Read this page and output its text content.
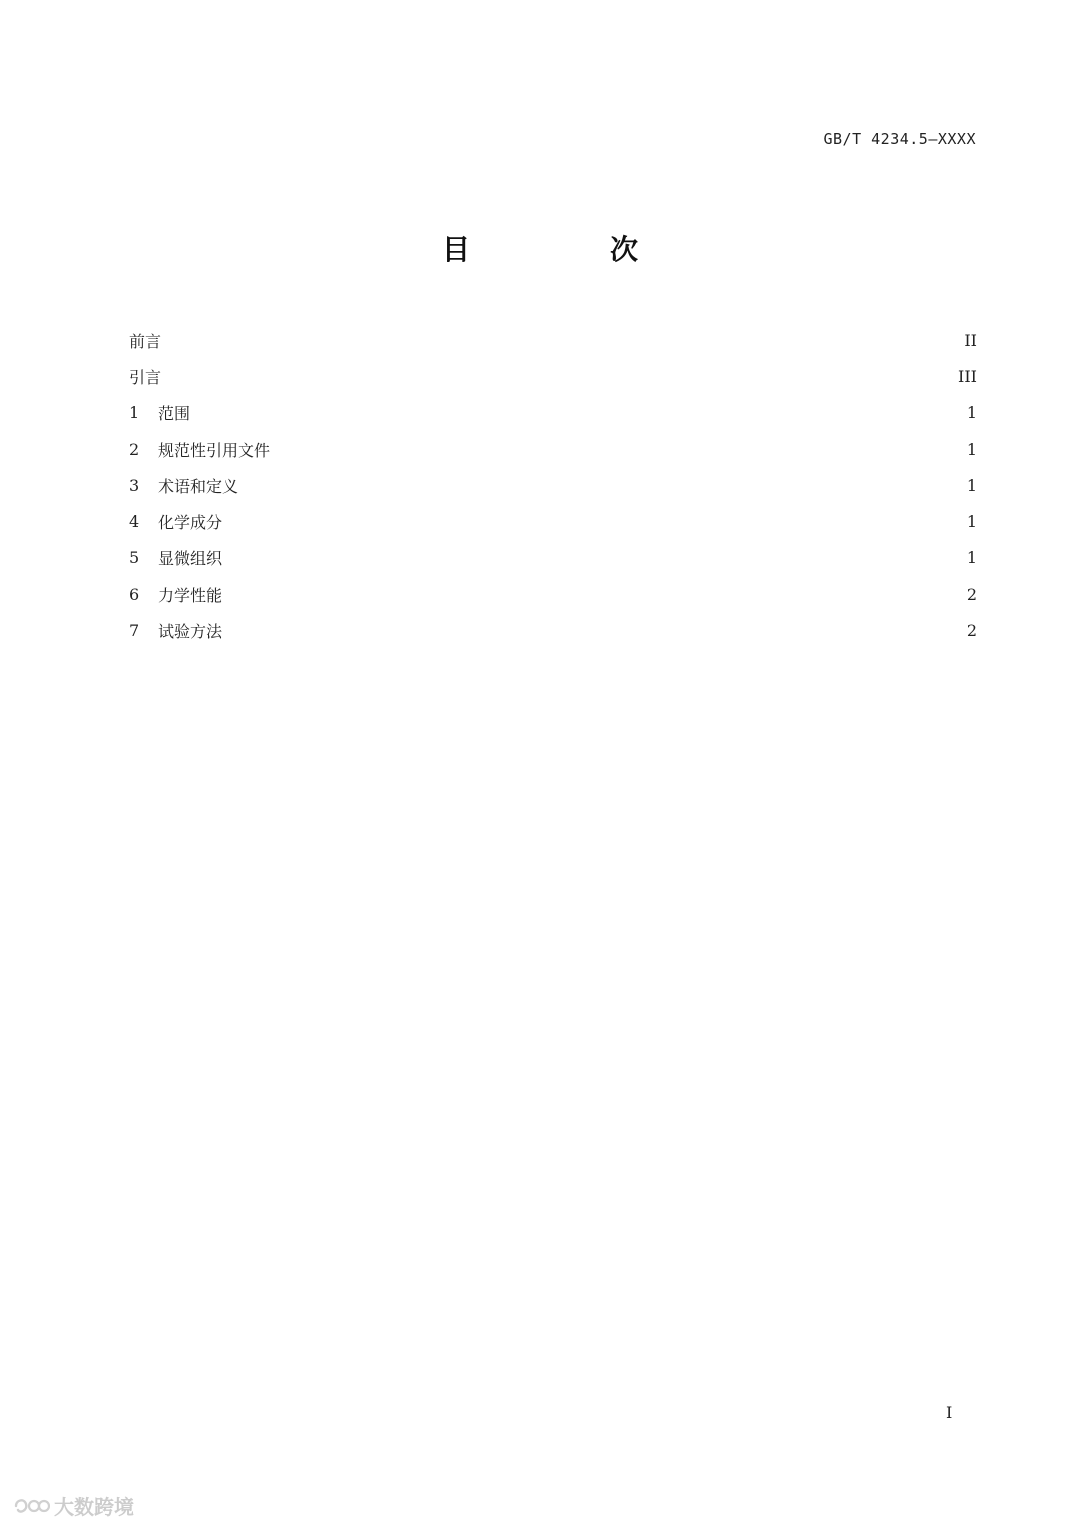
GB/T 4234.5—XXXX
目　次
前言	II
引言	III
1	范围	1
2	规范性引用文件	1
3	术语和定义	1
4	化学成分	1
5	显微组织	1
6	力学性能	2
7	试验方法	2
I
大数跨境
